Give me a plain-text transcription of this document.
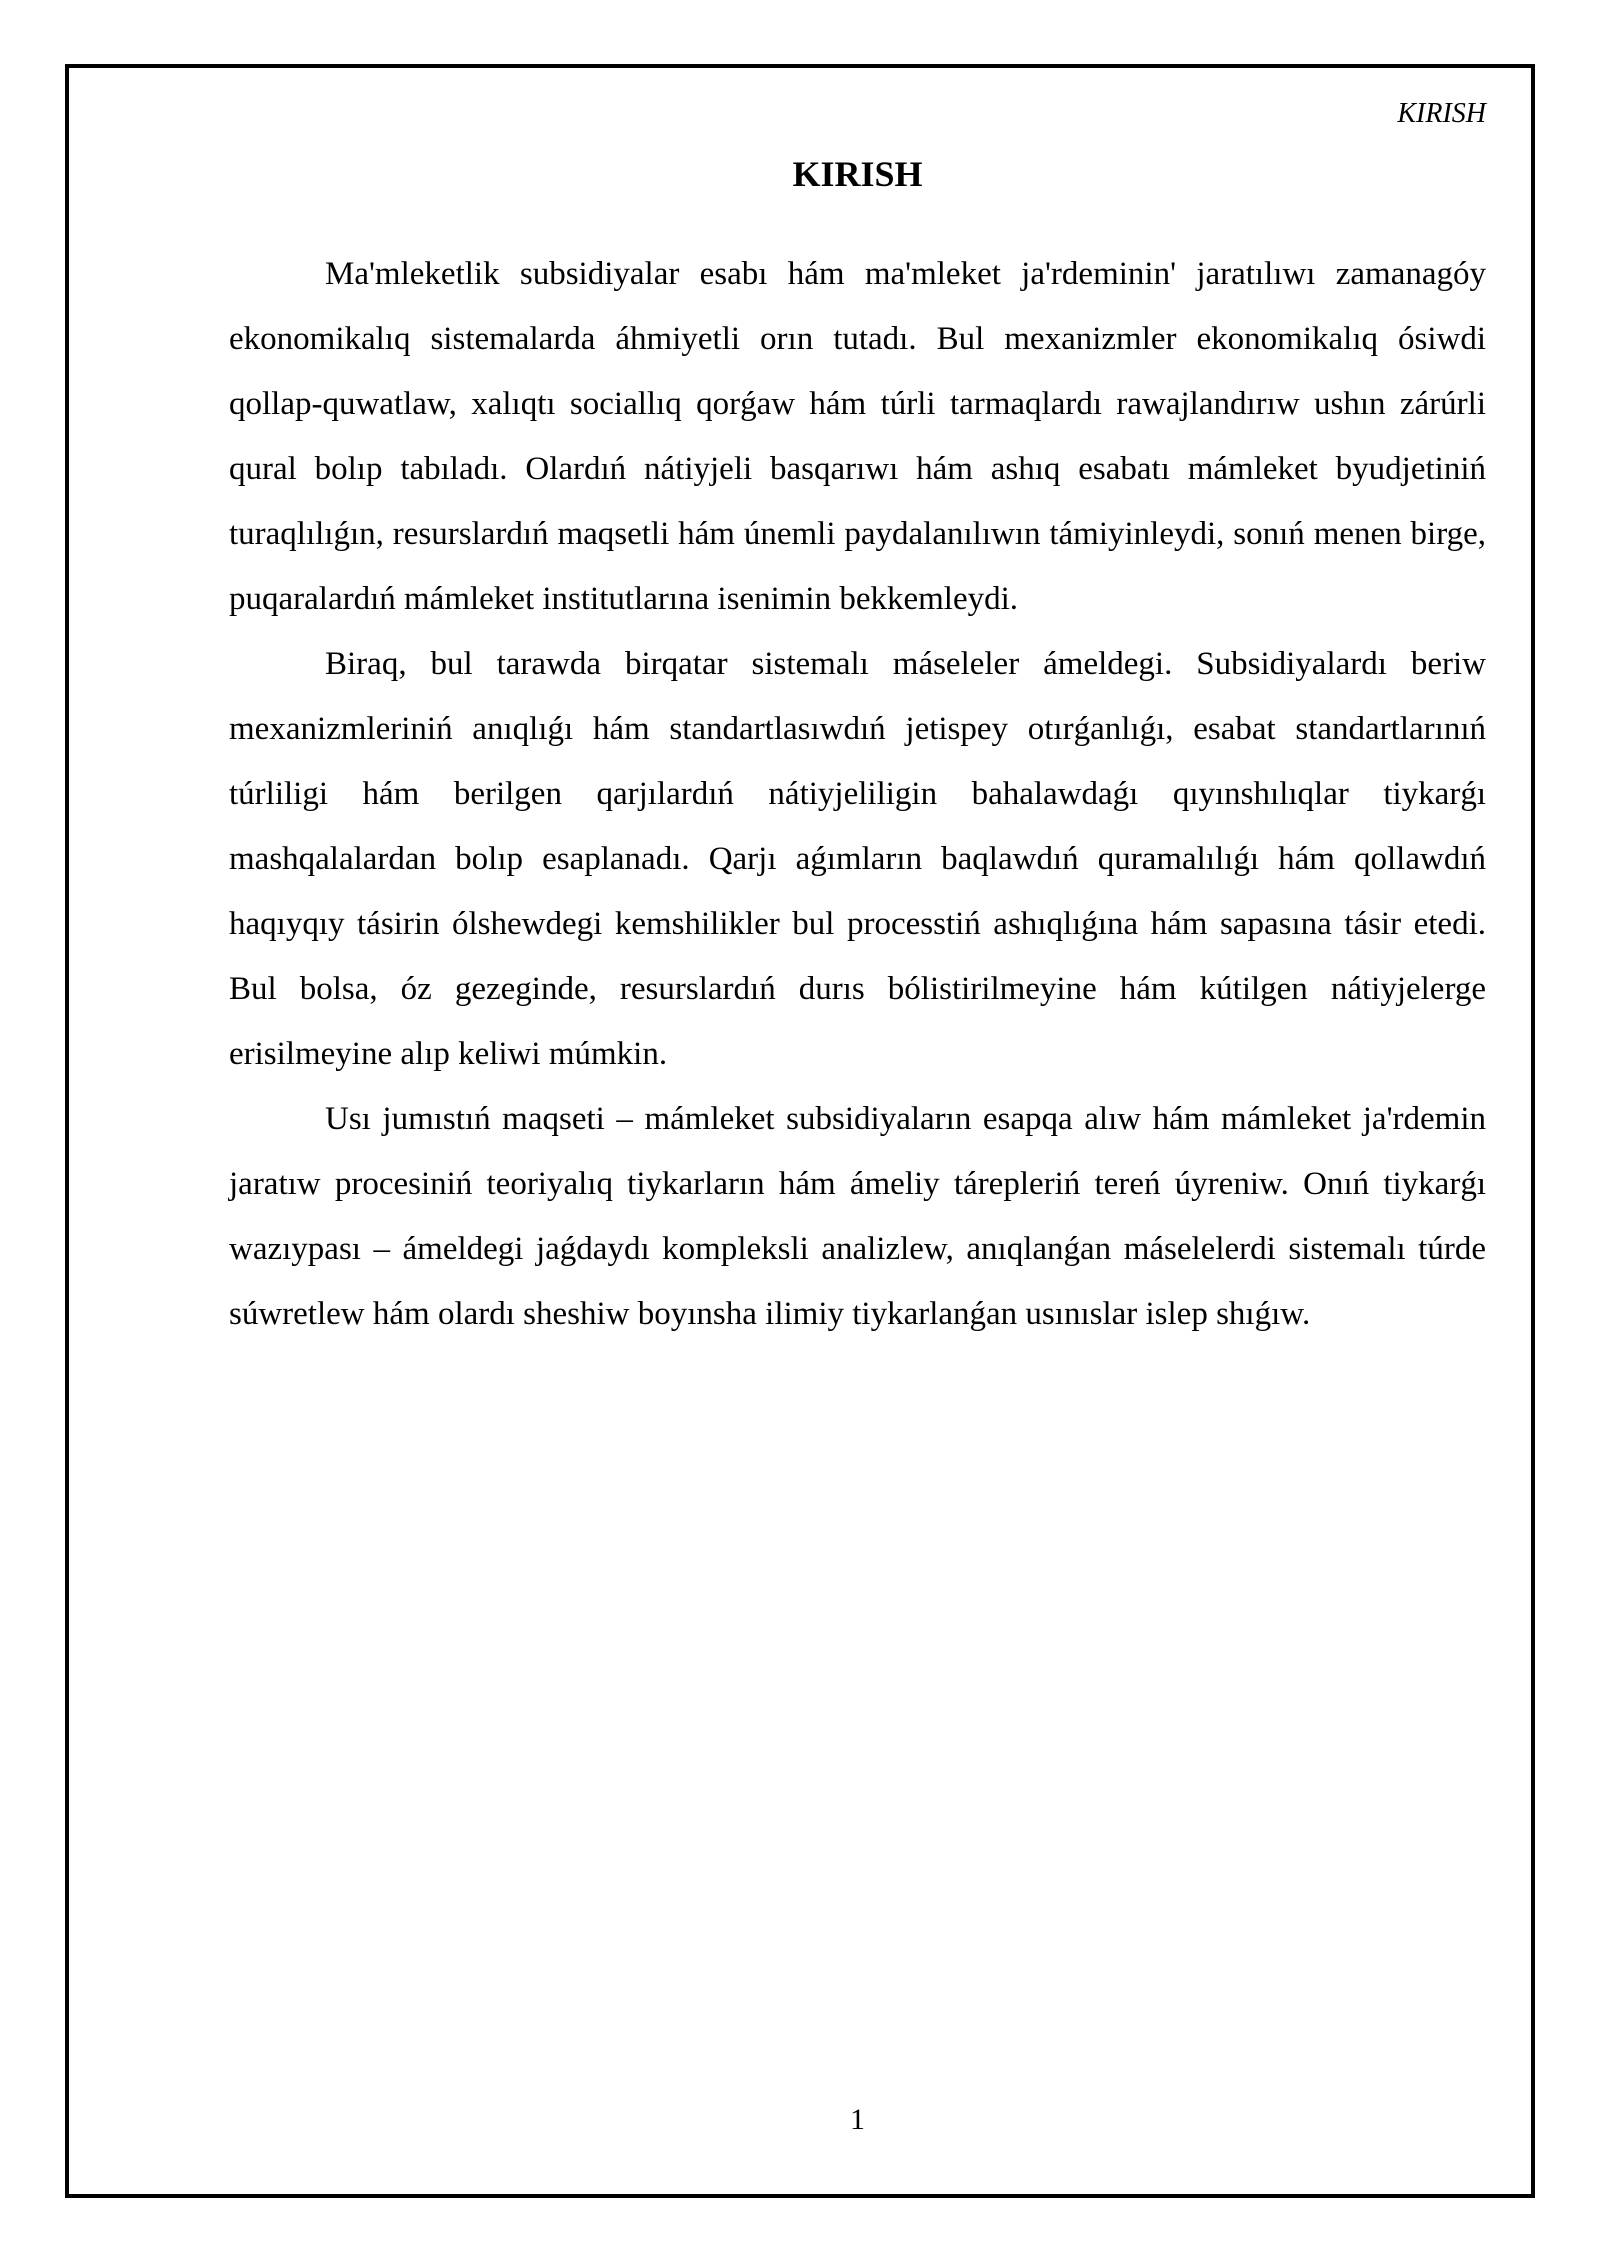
KIRISH
KIRISH

Ma'mleketlik subsidiyalar esabı hám ma'mleket ja'rdeminin' jaratılıwı zamanagóy ekonomikalıq sistemalarda áhmiyetli orın tutadı. Bul mexanizmler ekonomikalıq ósiwdi qollap-quwatlaw, xalıqtı sociallıq qorǵaw hám túrli tarmaqlardı rawajlandırıw ushın zárúrli qural bolıp tabıladı. Olardıń nátiyjeli basqarıwı hám ashıq esabatı mámleket byudjetiniń turaqlılıǵın, resurslardıń maqsetli hám únemli paydalanılıwın támiyinleydi, sonıń menen birge, puqaralardıń mámleket institutlarına isenimin bekkemleydi.

Biraq, bul tarawda birqatar sistemalı máseleler ámeldegi. Subsidiyalardı beriw mexanizmleriniń anıqlıǵı hám standartlasıwdıń jetispey otırǵanlıǵı, esabat standartlarınıń túrliligi hám berilgen qarjılardıń nátiyjeliligin bahalawdaǵı qıyınshılıqlar tiykarǵı mashqalalardan bolıp esaplanadı. Qarjı aǵımların baqlawdıń quramalılıǵı hám qollawdıń haqıyqıy tásirin ólshewdegi kemshilikler bul processtiń ashıqlıǵına hám sapasına tásir etedi. Bul bolsa, óz gezeginde, resurslardıń durıs bólistirilmeyine hám kútilgen nátiyjelerge erisilmeyine alıp keliwi múmkin.

Usı jumıstıń maqseti – mámleket subsidiyaların esapqa alıw hám mámleket ja'rdemin jaratıw procesiniń teoriyalıq tiykarların hám ámeliy tárepleriń tereń úyreniw. Onıń tiykarǵı wazıypası – ámeldegi jaǵdaydı kompleksli analizlew, anıqlanǵan máselelerdi sistemalı túrde súwretlew hám olardı sheshiw boyınsha ilimiy tiykarlanǵan usınıslar islep shıǵıw.

1
